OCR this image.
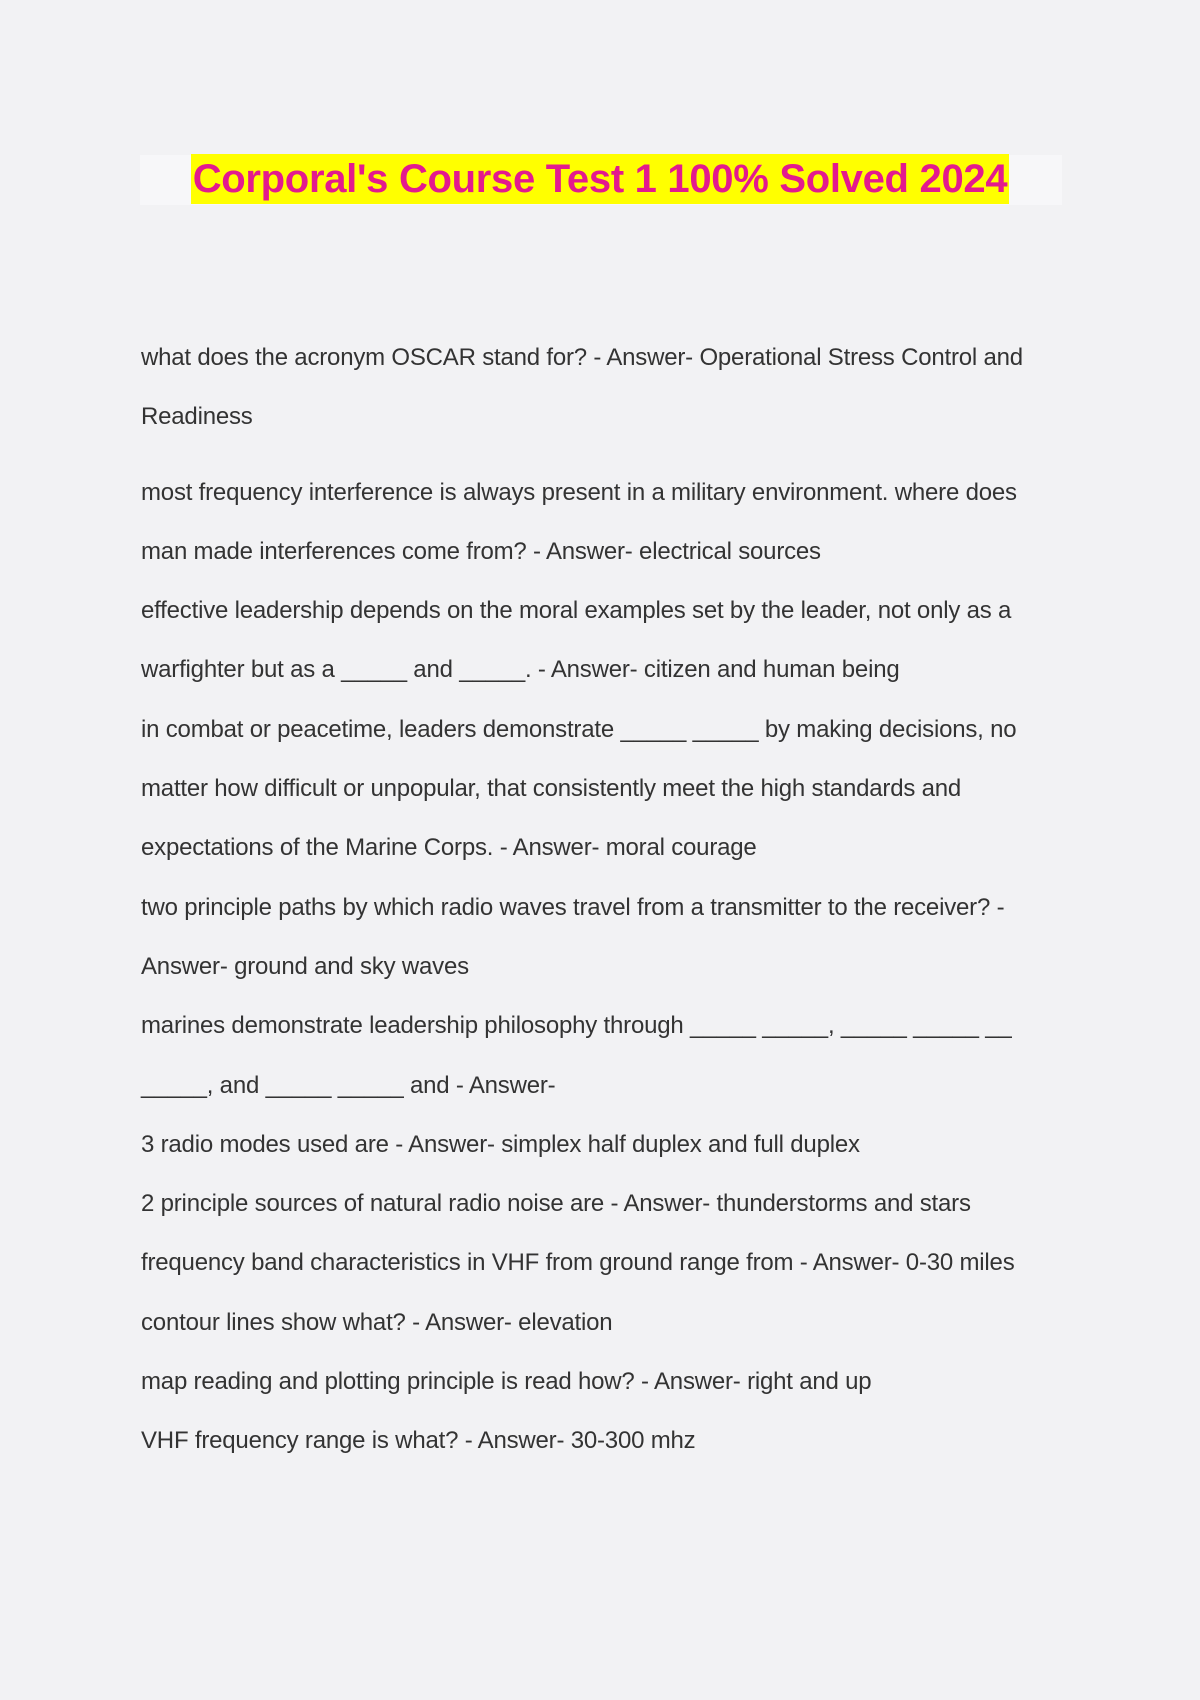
Corporal's Course Test 1 100% Solved 2024

what does the acronym OSCAR stand for? - Answer- Operational Stress Control and Readiness

most frequency interference is always present in a military environment. where does man made interferences come from? - Answer- electrical sources

effective leadership depends on the moral examples set by the leader, not only as a warfighter but as a _____ and _____. - Answer- citizen and human being

in combat or peacetime, leaders demonstrate _____ _____ by making decisions, no matter how difficult or unpopular, that consistently meet the high standards and expectations of the Marine Corps. - Answer- moral courage

two principle paths by which radio waves travel from a transmitter to the receiver? - Answer- ground and sky waves

marines demonstrate leadership philosophy through _____ _____, _____ _____ __ _____, and _____ _____ and - Answer-

3 radio modes used are - Answer- simplex half duplex and full duplex

2 principle sources of natural radio noise are - Answer- thunderstorms and stars

frequency band characteristics in VHF from ground range from - Answer- 0-30 miles

contour lines show what? - Answer- elevation

map reading and plotting principle is read how? - Answer- right and up

VHF frequency range is what? - Answer- 30-300 mhz
